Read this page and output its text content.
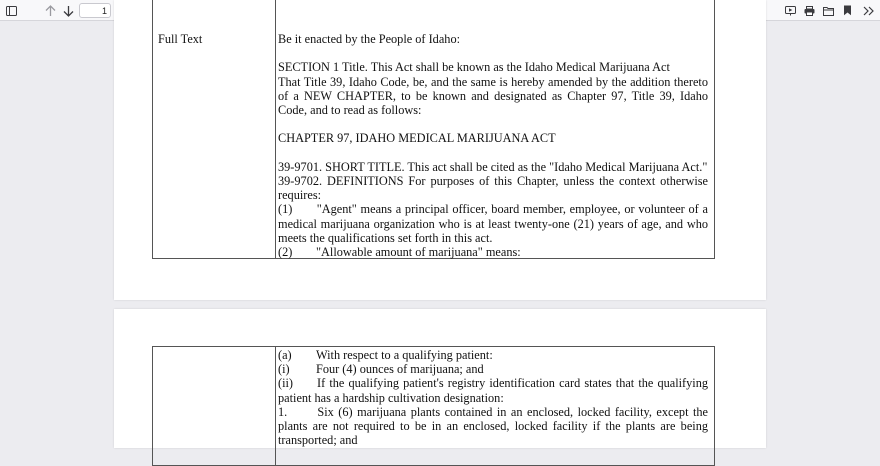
1
Full Text	Be it enacted by the People of Idaho:

SECTION 1 Title. This Act shall be known as the Idaho Medical Marijuana Act

That Title 39, Idaho Code, be, and the same is hereby amended by the addition thereto of a NEW CHAPTER, to be known and designated as Chapter 97, Title 39, Idaho Code, and to read as follows:

CHAPTER 97, IDAHO MEDICAL MARIJUANA ACT

39-9701. SHORT TITLE. This act shall be cited as the "Idaho Medical Marijuana Act."

39-9702. DEFINITIONS For purposes of this Chapter, unless the context otherwise requires:

(1)	"Agent" means a principal officer, board member, employee, or volunteer of a medical marijuana organization who is at least twenty-one (21) years of age, and who meets the qualifications set forth in this act.

(2)	"Allowable amount of marijuana" means:

(a)	With respect to a qualifying patient:

(i)	Four (4) ounces of marijuana; and

(ii)	If the qualifying patient's registry identification card states that the qualifying patient has a hardship cultivation designation:

1.	Six (6) marijuana plants contained in an enclosed, locked facility, except the plants are not required to be in an enclosed, locked facility if the plants are being transported; and
